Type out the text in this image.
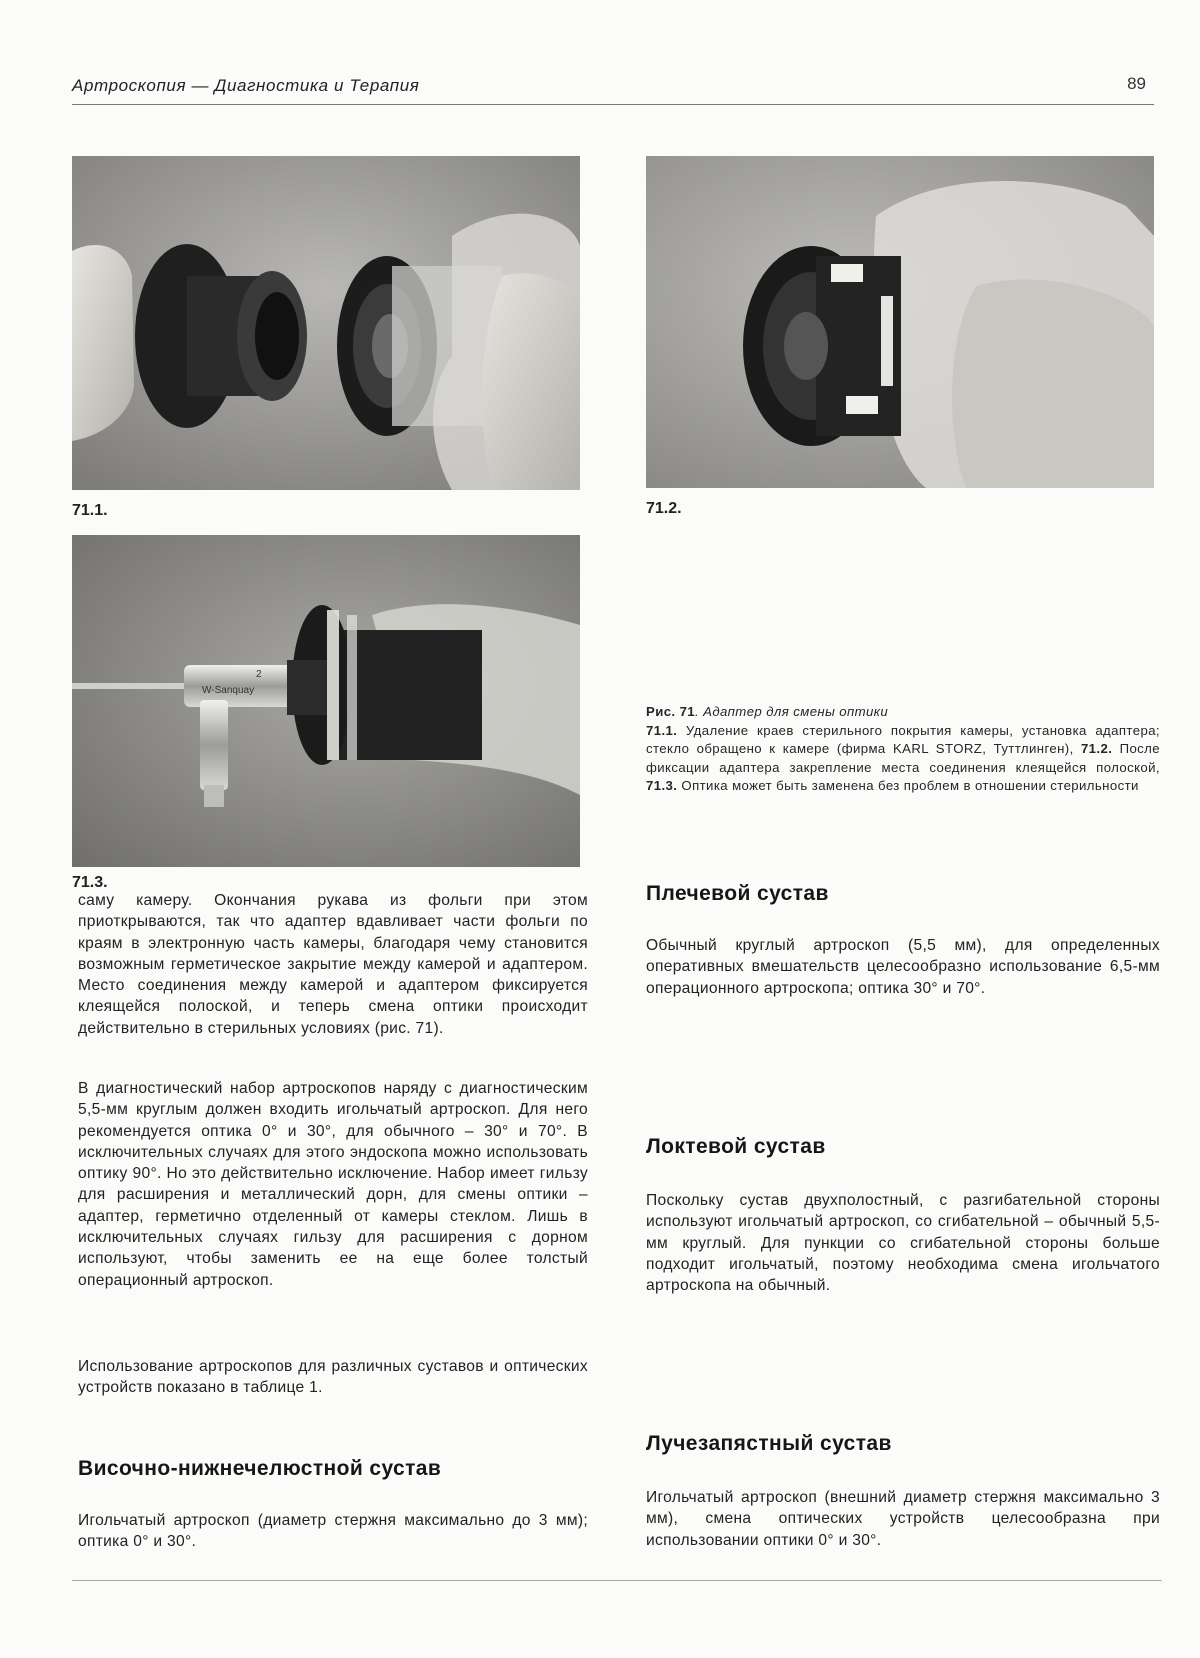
Артроскопия — Диагностика и Терапия	89
71.1.	71.2.
W-Sanquay
2
71.3.
Рис. 71. Адаптер для смены оптики
71.1. Удаление краев стерильного покрытия камеры, установка адаптера; стекло обращено к камере (фирма KARL STORZ, Туттлинген), 71.2. После фиксации адаптера закрепление места соединения клеящейся полоской, 71.3. Оптика может быть заменена без проблем в отношении стерильности

саму камеру. Окончания рукава из фольги при этом приоткрываются, так что адаптер вдавливает части фольги по краям в электронную часть камеры, благодаря чему становится возможным герметическое закрытие между камерой и адаптером. Место соединения между камерой и адаптером фиксируется клеящейся полоской, и теперь смена оптики происходит действительно в стерильных условиях (рис. 71).

В диагностический набор артроскопов наряду с диагностическим 5,5-мм круглым должен входить игольчатый артроскоп. Для него рекомендуется оптика 0° и 30°, для обычного – 30° и 70°. В исключительных случаях для этого эндоскопа можно использовать оптику 90°. Но это действительно исключение. Набор имеет гильзу для расширения и металлический дорн, для смены оптики – адаптер, герметично отделенный от камеры стеклом. Лишь в исключительных случаях гильзу для расширения с дорном используют, чтобы заменить ее на еще более толстый операционный артроскоп.

Использование артроскопов для различных суставов и оптических устройств показано в таблице 1.

Височно-нижнечелюстной сустав

Игольчатый артроскоп (диаметр стержня максимально до 3 мм); оптика 0° и 30°.

Плечевой сустав

Обычный круглый артроскоп (5,5 мм), для определенных оперативных вмешательств целесообразно использование 6,5-мм операционного артроскопа; оптика 30° и 70°.

Локтевой сустав

Поскольку сустав двухполостный, с разгибательной стороны используют игольчатый артроскоп, со сгибательной – обычный 5,5-мм круглый. Для пункции со сгибательной стороны больше подходит игольчатый, поэтому необходима смена игольчатого артроскопа на обычный.

Лучезапястный сустав

Игольчатый артроскоп (внешний диаметр стержня максимально 3 мм), смена оптических устройств целесообразна при использовании оптики 0° и 30°.
